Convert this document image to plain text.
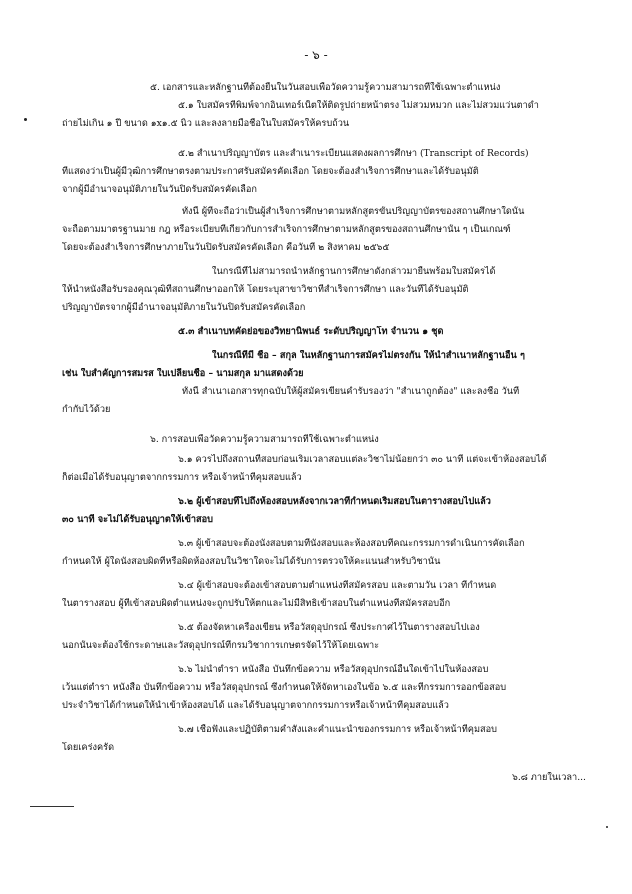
- ๖ -
๕. เอกสารและหลักฐานที่ต้องยื่นในวันสอบเพื่อวัดความรู้ความสามารถที่ใช้เฉพาะตำแหน่ง
๕.๑ ใบสมัครที่พิมพ์จากอินเทอร์เน็ตให้ติดรูปถ่ายหน้าตรง ไม่สวมหมวก และไม่สวมแว่นตาดำ
ถ่ายไม่เกิน ๑ ปี ขนาด ๑x๑.๕ นิ้ว และลงลายมือชื่อในใบสมัครให้ครบถ้วน
๕.๒ สำเนาปริญญาบัตร และสำเนาระเบียนแสดงผลการศึกษา (Transcript of Records)
ที่แสดงว่าเป็นผู้มีวุฒิการศึกษาตรงตามประกาศรับสมัครคัดเลือก โดยจะต้องสำเร็จการศึกษาและได้รับอนุมัติ
จากผู้มีอำนาจอนุมัติภายในวันปิดรับสมัครคัดเลือก
ทั้งนี้ ผู้ที่จะถือว่าเป็นผู้สำเร็จการศึกษาตามหลักสูตรขั้นปริญญาบัตรของสถานศึกษาใดนั้น
จะถือตามมาตรฐานมาย กฎ หรือระเบียบที่เกี่ยวกับการสำเร็จการศึกษาตามหลักสูตรของสถานศึกษานั้น ๆ เป็นเกณฑ์
โดยจะต้องสำเร็จการศึกษาภายในวันปิดรับสมัครคัดเลือก คือวันที่ ๒ สิงหาคม ๒๕๖๕
ในกรณีที่ไม่สามารถนำหลักฐานการศึกษาดังกล่าวมายื่นพร้อมใบสมัครได้
ให้นำหนังสือรับรองคุณวุฒิที่สถานศึกษาออกให้ โดยระบุสาขาวิชาที่สำเร็จการศึกษา และวันที่ได้รับอนุมัติ
ปริญญาบัตรจากผู้มีอำนาจอนุมัติภายในวันปิดรับสมัครคัดเลือก
๕.๓ สำเนาบทคัดย่อของวิทยานิพนธ์ ระดับปริญญาโท จำนวน ๑ ชุด
ในกรณีที่มี ชื่อ – สกุล ในหลักฐานการสมัครไม่ตรงกัน ให้นำสำเนาหลักฐานอื่น ๆ
เช่น ใบสำคัญการสมรส ใบเปลี่ยนชื่อ – นามสกุล มาแสดงด้วย
ทั้งนี้ สำเนาเอกสารทุกฉบับให้ผู้สมัครเขียนคำรับรองว่า "สำเนาถูกต้อง" และลงชื่อ วันที่
กำกับไว้ด้วย
๖. การสอบเพื่อวัดความรู้ความสามารถที่ใช้เฉพาะตำแหน่ง
๖.๑ ควรไปถึงสถานที่สอบก่อนเริ่มเวลาสอบแต่ละวิชาไม่น้อยกว่า ๓๐ นาที แต่จะเข้าห้องสอบได้
ก็ต่อเมื่อได้รับอนุญาตจากกรรมการ หรือเจ้าหน้าที่คุมสอบแล้ว
๖.๒ ผู้เข้าสอบที่ไปถึงห้องสอบหลังจากเวลาที่กำหนดเริ่มสอบในตารางสอบไปแล้ว
๓๐ นาที จะไม่ได้รับอนุญาตให้เข้าสอบ
๖.๓ ผู้เข้าสอบจะต้องนั่งสอบตามที่นั่งสอบและห้องสอบที่คณะกรรมการดำเนินการคัดเลือก
กำหนดให้ ผู้ใดนั่งสอบผิดที่หรือผิดห้องสอบในวิชาใดจะไม่ได้รับการตรวจให้คะแนนสำหรับวิชานั้น
๖.๔ ผู้เข้าสอบจะต้องเข้าสอบตามตำแหน่งที่สมัครสอบ และตามวัน เวลา ที่กำหนด
ในตารางสอบ ผู้ที่เข้าสอบผิดตำแหน่งจะถูกปรับให้ตกและไม่มีสิทธิเข้าสอบในตำแหน่งที่สมัครสอบอีก
๖.๕ ต้องจัดหาเครื่องเขียน หรือวัสดุอุปกรณ์ ซึ่งประกาศไว้ในตารางสอบไปเอง
นอกนั้นจะต้องใช้กระดาษและวัสดุอุปกรณ์ที่กรมวิชาการเกษตรจัดไว้ให้โดยเฉพาะ
๖.๖ ไม่นำตำรา หนังสือ บันทึกข้อความ หรือวัสดุอุปกรณ์อื่นใดเข้าไปในห้องสอบ
เว้นแต่ตำรา หนังสือ บันทึกข้อความ หรือวัสดุอุปกรณ์ ซึ่งกำหนดให้จัดหาเองในข้อ ๖.๕ และที่กรรมการออกข้อสอบ
ประจำวิชาได้กำหนดให้นำเข้าห้องสอบได้ และได้รับอนุญาตจากกรรมการหรือเจ้าหน้าที่คุมสอบแล้ว
๖.๗ เชื่อฟังและปฏิบัติตามคำสั่งและคำแนะนำของกรรมการ หรือเจ้าหน้าที่คุมสอบ
โดยเคร่งครัด
๖.๘ ภายในเวลา...
